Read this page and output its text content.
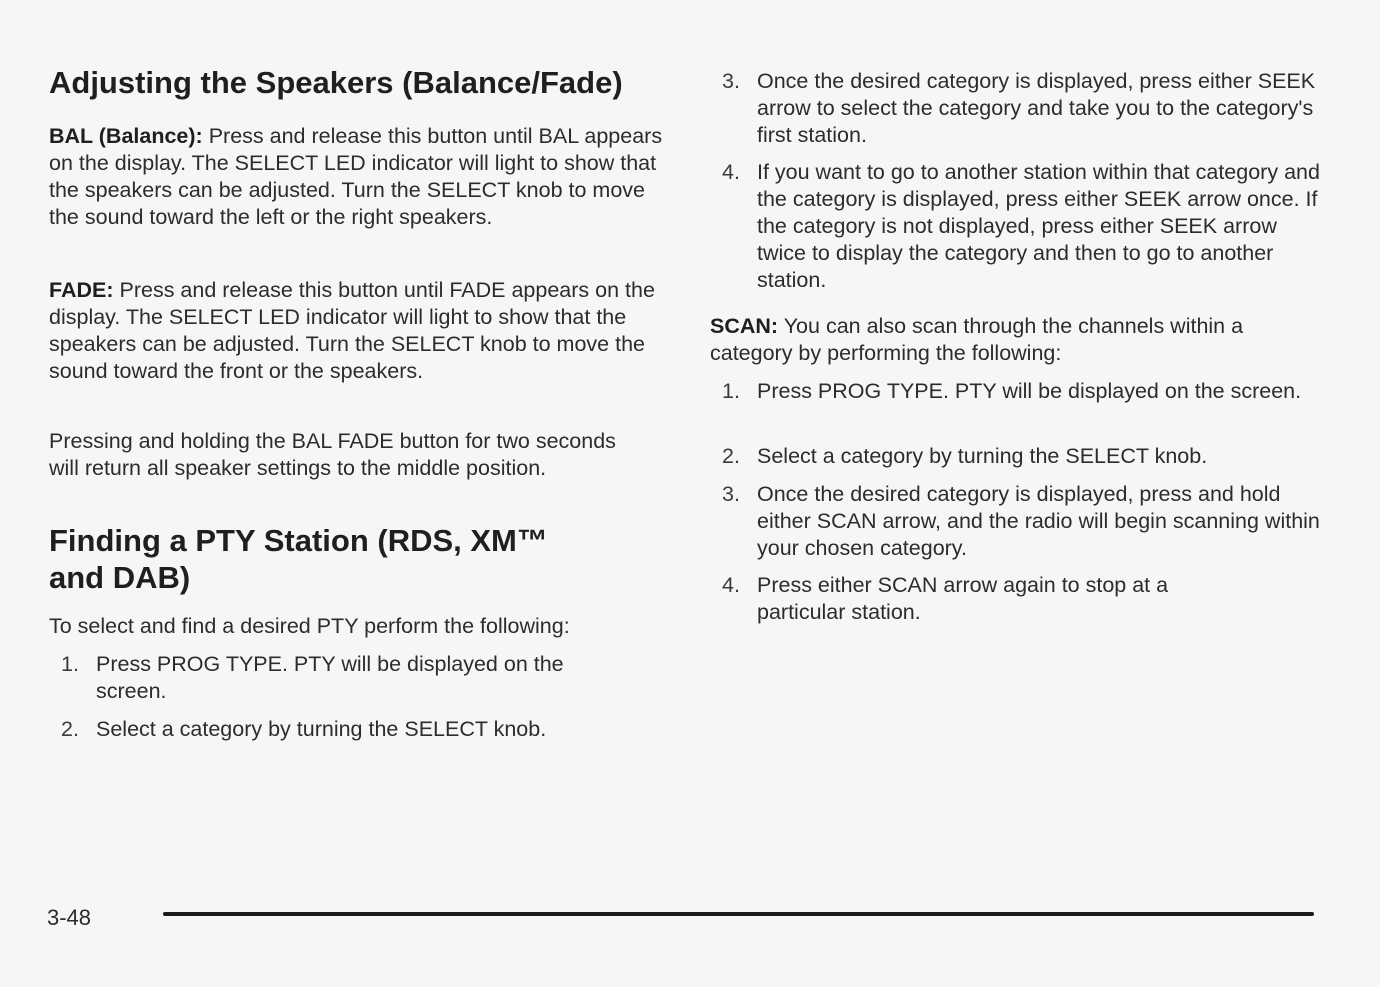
Adjusting the Speakers (Balance/Fade)

BAL (Balance): Press and release this button until BAL appears on the display. The SELECT LED indicator will light to show that the speakers can be adjusted. Turn the SELECT knob to move the sound toward the left or the right speakers.

FADE: Press and release this button until FADE appears on the display. The SELECT LED indicator will light to show that the speakers can be adjusted. Turn the SELECT knob to move the sound toward the front or the speakers.

Pressing and holding the BAL FADE button for two seconds will return all speaker settings to the middle position.

Finding a PTY Station (RDS, XM™ and DAB)

To select and find a desired PTY perform the following:

1. Press PROG TYPE. PTY will be displayed on the screen.
2. Select a category by turning the SELECT knob.
3. Once the desired category is displayed, press either SEEK arrow to select the category and take you to the category's first station.
4. If you want to go to another station within that category and the category is displayed, press either SEEK arrow once. If the category is not displayed, press either SEEK arrow twice to display the category and then to go to another station.

SCAN: You can also scan through the channels within a category by performing the following:

1. Press PROG TYPE. PTY will be displayed on the screen.
2. Select a category by turning the SELECT knob.
3. Once the desired category is displayed, press and hold either SCAN arrow, and the radio will begin scanning within your chosen category.
4. Press either SCAN arrow again to stop at a particular station.
3-48
